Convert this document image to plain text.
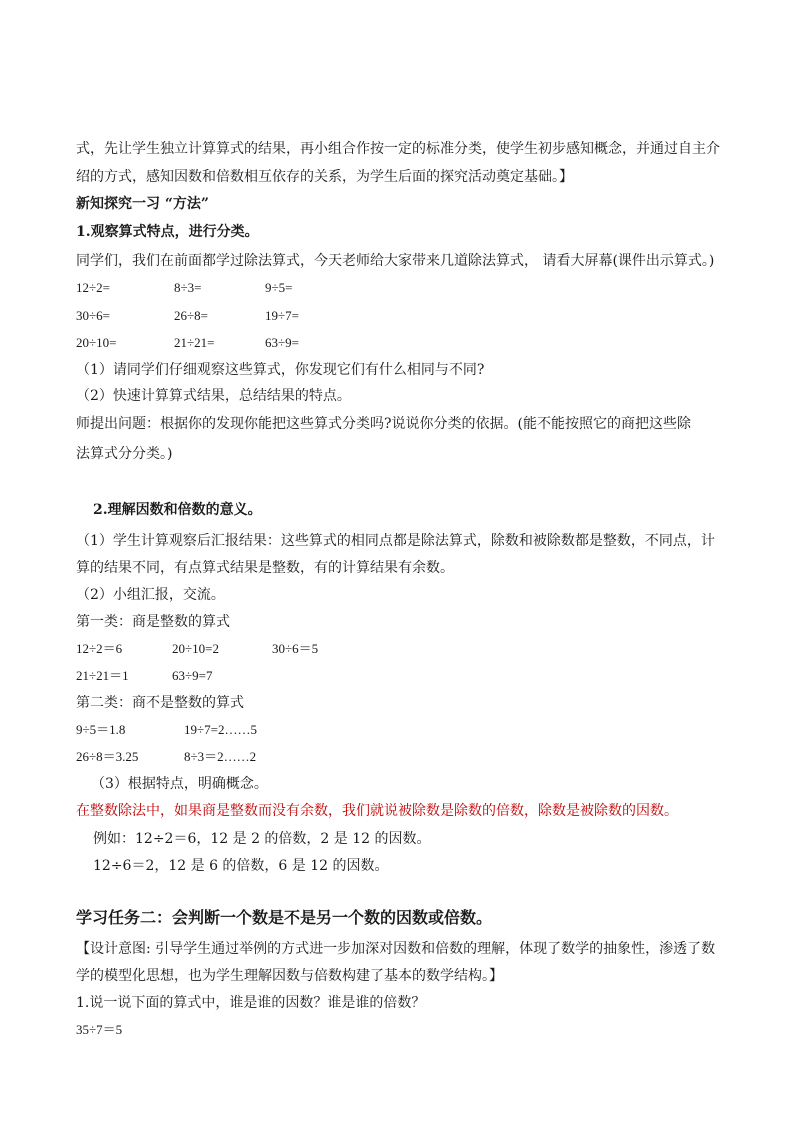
式，先让学生独立计算算式的结果，再小组合作按一定的标准分类，使学生初步感知概念，并通过自主介
绍的方式，感知因数和倍数相互依存的关系，为学生后面的探究活动奠定基础。】
新知探究一习 “方法”
1.观察算式特点，进行分类。
同学们，我们在前面都学过除法算式，今天老师给大家带来几道除法算式， 请看大屏幕(课件出示算式。)
12÷2=	8÷3=	9÷5=
30÷6=	26÷8=	19÷7=
20÷10=	21÷21=	63÷9=
（1）请同学们仔细观察这些算式，你发现它们有什么相同与不同?
（2）快速计算算式结果，总结结果的特点。
师提出问题：根据你的发现你能把这些算式分类吗?说说你分类的依据。(能不能按照它的商把这些除
法算式分分类。)
2.理解因数和倍数的意义。
（1）学生计算观察后汇报结果：这些算式的相同点都是除法算式，除数和被除数都是整数，不同点，计
算的结果不同，有点算式结果是整数，有的计算结果有余数。
（2）小组汇报，交流。
第一类：商是整数的算式
12÷2＝6	20÷10=2	30÷6＝5
21÷21＝1	63÷9=7
第二类：商不是整数的算式
9÷5＝1.8	19÷7=2……5
26÷8＝3.25	8÷3＝2……2
（3）根据特点，明确概念。
在整数除法中，如果商是整数而没有余数，我们就说被除数是除数的倍数，除数是被除数的因数。
例如：12÷2＝6，12 是 2 的倍数，2 是 12 的因数。
12÷6＝2，12 是 6 的倍数，6 是 12 的因数。
学习任务二：会判断一个数是不是另一个数的因数或倍数。
【设计意图: 引导学生通过举例的方式进一步加深对因数和倍数的理解，体现了数学的抽象性，渗透了数
学的模型化思想，也为学生理解因数与倍数构建了基本的数学结构。】
1.说一说下面的算式中，谁是谁的因数？谁是谁的倍数？
35÷7＝5
